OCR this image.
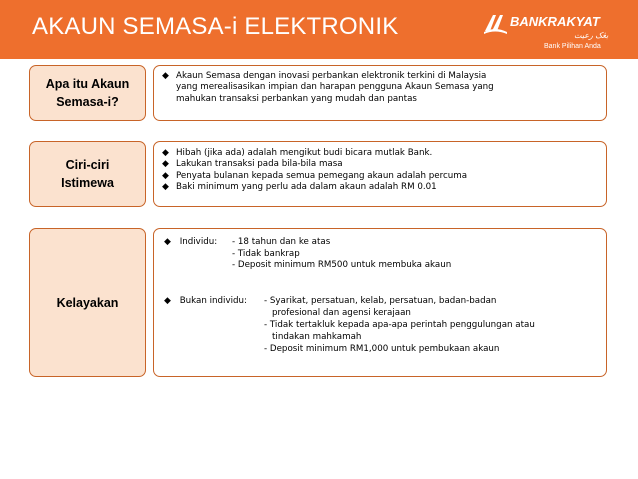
AKAUN SEMASA-i ELEKTRONIK	BANKRAKYAT
بڠک رعيت
Bank Pilihan Anda
Apa itu Akaun
Semasa-i?
◆ Akaun Semasa dengan inovasi perbankan elektronik terkini di Malaysia
yang merealisasikan impian dan harapan pengguna Akaun Semasa yang
mahukan transaksi perbankan yang mudah dan pantas
Ciri-ciri
Istimewa
◆ Hibah (jika ada) adalah mengikut budi bicara mutlak Bank.
◆ Lakukan transaksi pada bila-bila masa
◆ Penyata bulanan kepada semua pemegang akaun adalah percuma
◆ Baki minimum yang perlu ada dalam akaun adalah RM 0.01
Kelayakan
◆ Individu: - 18 tahun dan ke atas
- Tidak bankrap
- Deposit minimum RM500 untuk membuka akaun
◆ Bukan individu: - Syarikat, persatuan, kelab, persatuan, badan-badan
profesional dan agensi kerajaan
- Tidak tertakluk kepada apa-apa perintah penggulungan atau
tindakan mahkamah
- Deposit minimum RM1,000 untuk pembukaan akaun
